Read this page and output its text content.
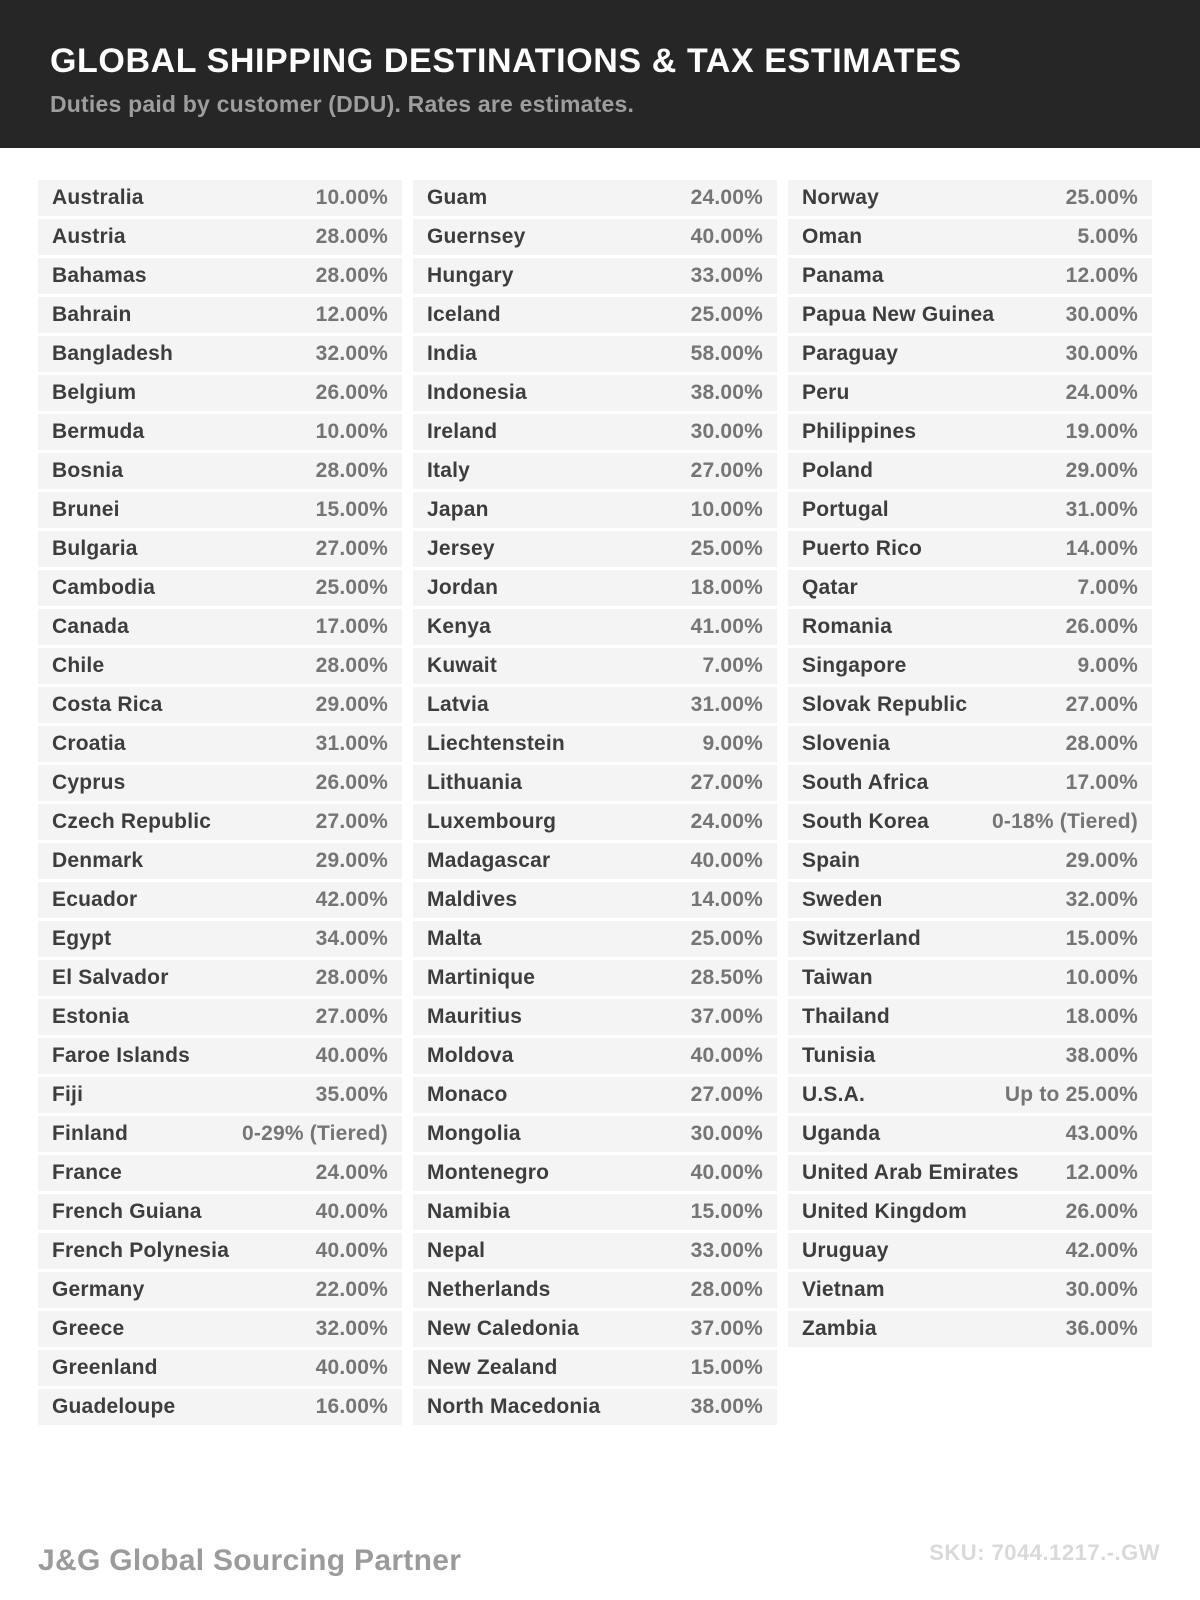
GLOBAL SHIPPING DESTINATIONS & TAX ESTIMATES

Duties paid by customer (DDU). Rates are estimates.

Australia	10.00%
Austria	28.00%
Bahamas	28.00%
Bahrain	12.00%
Bangladesh	32.00%
Belgium	26.00%
Bermuda	10.00%
Bosnia	28.00%
Brunei	15.00%
Bulgaria	27.00%
Cambodia	25.00%
Canada	17.00%
Chile	28.00%
Costa Rica	29.00%
Croatia	31.00%
Cyprus	26.00%
Czech Republic	27.00%
Denmark	29.00%
Ecuador	42.00%
Egypt	34.00%
El Salvador	28.00%
Estonia	27.00%
Faroe Islands	40.00%
Fiji	35.00%
Finland	0-29% (Tiered)
France	24.00%
French Guiana	40.00%
French Polynesia	40.00%
Germany	22.00%
Greece	32.00%
Greenland	40.00%
Guadeloupe	16.00%
Guam	24.00%
Guernsey	40.00%
Hungary	33.00%
Iceland	25.00%
India	58.00%
Indonesia	38.00%
Ireland	30.00%
Italy	27.00%
Japan	10.00%
Jersey	25.00%
Jordan	18.00%
Kenya	41.00%
Kuwait	7.00%
Latvia	31.00%
Liechtenstein	9.00%
Lithuania	27.00%
Luxembourg	24.00%
Madagascar	40.00%
Maldives	14.00%
Malta	25.00%
Martinique	28.50%
Mauritius	37.00%
Moldova	40.00%
Monaco	27.00%
Mongolia	30.00%
Montenegro	40.00%
Namibia	15.00%
Nepal	33.00%
Netherlands	28.00%
New Caledonia	37.00%
New Zealand	15.00%
North Macedonia	38.00%
Norway	25.00%
Oman	5.00%
Panama	12.00%
Papua New Guinea	30.00%
Paraguay	30.00%
Peru	24.00%
Philippines	19.00%
Poland	29.00%
Portugal	31.00%
Puerto Rico	14.00%
Qatar	7.00%
Romania	26.00%
Singapore	9.00%
Slovak Republic	27.00%
Slovenia	28.00%
South Africa	17.00%
South Korea	0-18% (Tiered)
Spain	29.00%
Sweden	32.00%
Switzerland	15.00%
Taiwan	10.00%
Thailand	18.00%
Tunisia	38.00%
U.S.A.	Up to 25.00%
Uganda	43.00%
United Arab Emirates 12.00%
United Kingdom	26.00%
Uruguay	42.00%
Vietnam	30.00%
Zambia	36.00%
J&G Global Sourcing Partner	SKU: 7044.1217.-.GW
